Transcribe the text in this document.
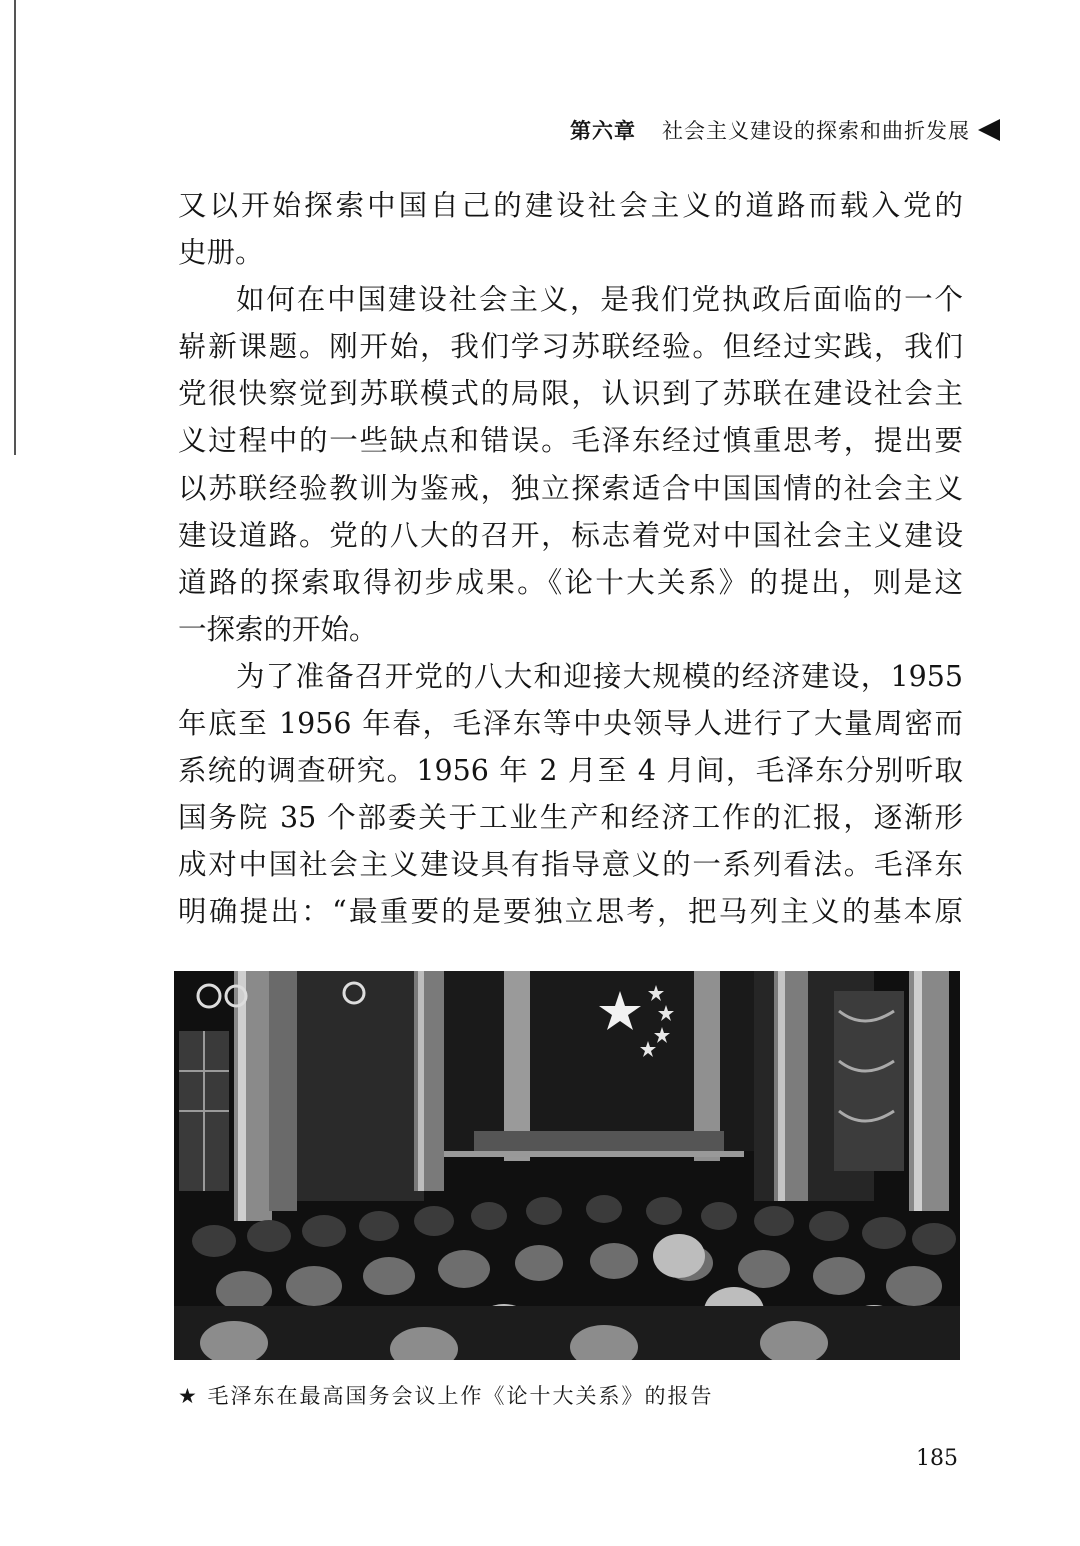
第六章 社会主义建设的探索和曲折发展

又以开始探索中国自己的建设社会主义的道路而载入党的
史册。

如何在中国建设社会主义，是我们党执政后面临的一个
崭新课题。刚开始，我们学习苏联经验。但经过实践，我们
党很快察觉到苏联模式的局限，认识到了苏联在建设社会主
义过程中的一些缺点和错误。毛泽东经过慎重思考，提出要
以苏联经验教训为鉴戒，独立探索适合中国国情的社会主义
建设道路。党的八大的召开，标志着党对中国社会主义建设
道路的探索取得初步成果。《论十大关系》的提出，则是这
一探索的开始。

为了准备召开党的八大和迎接大规模的经济建设，1955
年底至 1956 年春，毛泽东等中央领导人进行了大量周密而
系统的调查研究。1956 年 2 月至 4 月间，毛泽东分别听取
国务院 35 个部委关于工业生产和经济工作的汇报，逐渐形
成对中国社会主义建设具有指导意义的一系列看法。毛泽东
明确提出：“最重要的是要独立思考，把马列主义的基本原

★ 毛泽东在最高国务会议上作《论十大关系》的报告
185
